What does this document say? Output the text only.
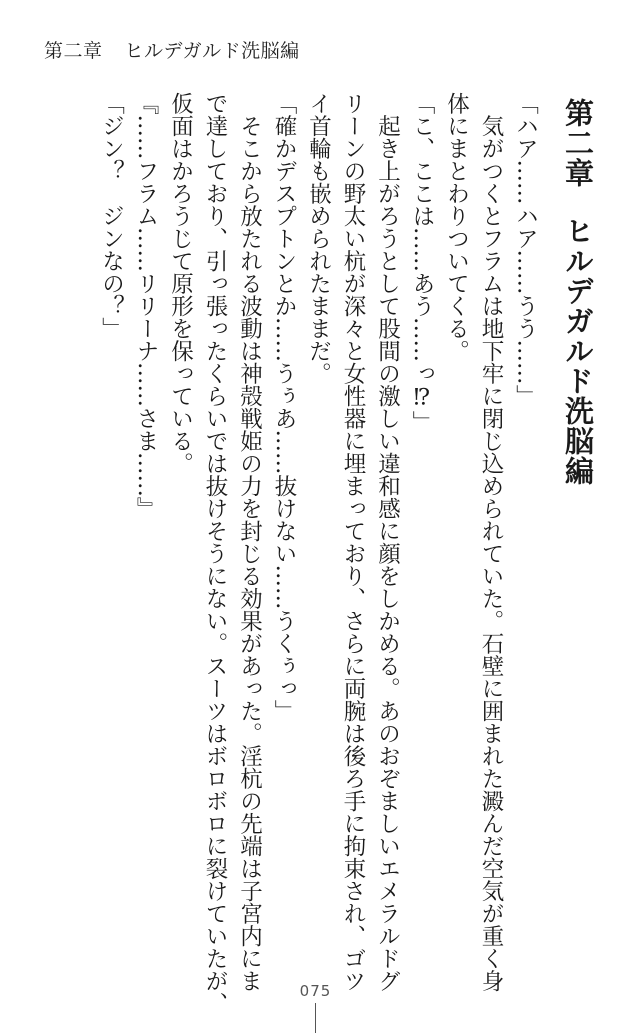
第二章 ヒルデガルド洗脳編
第二章ヒルデガルド洗脳編
「ハア……ハア……うう……」
　気がつくとフラムは地下牢に閉じ込められていた。石壁に囲まれた澱んだ空気が重く身
体にまとわりついてくる。
「こ、ここは……あう……っ⁉」
　起き上がろうとして股間の激しい違和感に顔をしかめる。あのおぞましいエメラルドグ
リーンの野太い杭が深々と女性器に埋まっており、さらに両腕は後ろ手に拘束され、ゴツ
イ首輪も嵌められたままだ。
「確かデスプトンとか……うぅあ……抜けない……うくぅっ」
　そこから放たれる波動は神殻戦姫の力を封じる効果があった。淫杭の先端は子宮内にま
で達しており、引っ張ったくらいでは抜けそうにない。スーツはボロボロに裂けていたが、
仮面はかろうじて原形を保っている。
『……フラム……リリーナ……さま……』
「ジン？　ジンなの？」
075
